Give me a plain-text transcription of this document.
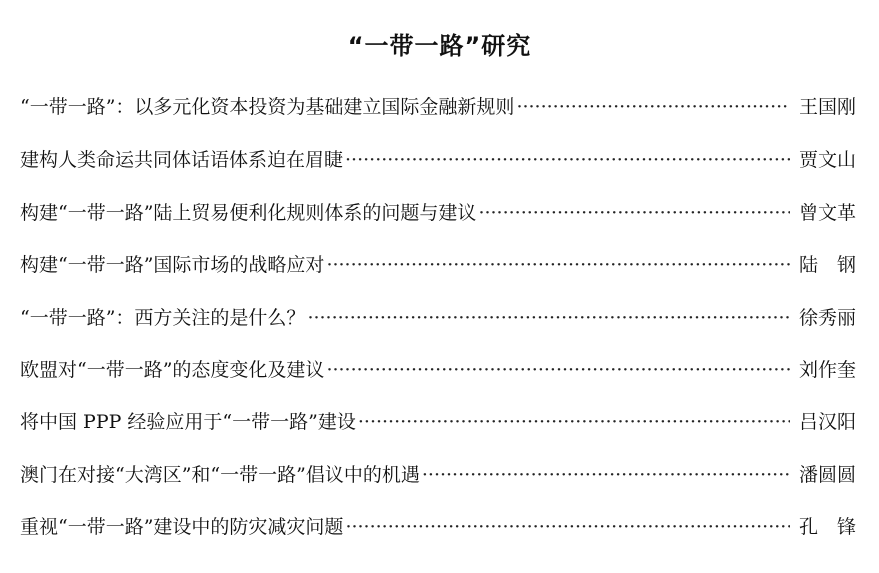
“一带一路”研究
“一带一路”：以多元化资本投资为基础建立国际金融新规则 ·····	王国刚
建构人类命运共同体话语体系迫在眉睫 ·····	贾文山
构建“一带一路”陆上贸易便利化规则体系的问题与建议 ·····	曾文革
构建“一带一路”国际市场的战略应对 ·····	陆　钢
“一带一路”：西方关注的是什么？ ·····	徐秀丽
欧盟对“一带一路”的态度变化及建议 ·····	刘作奎
将中国 PPP 经验应用于“一带一路”建设 ·····	吕汉阳
澳门在对接“大湾区”和“一带一路”倡议中的机遇 ·····	潘圆圆
重视“一带一路”建设中的防灾减灾问题 ·····	孔　锋
